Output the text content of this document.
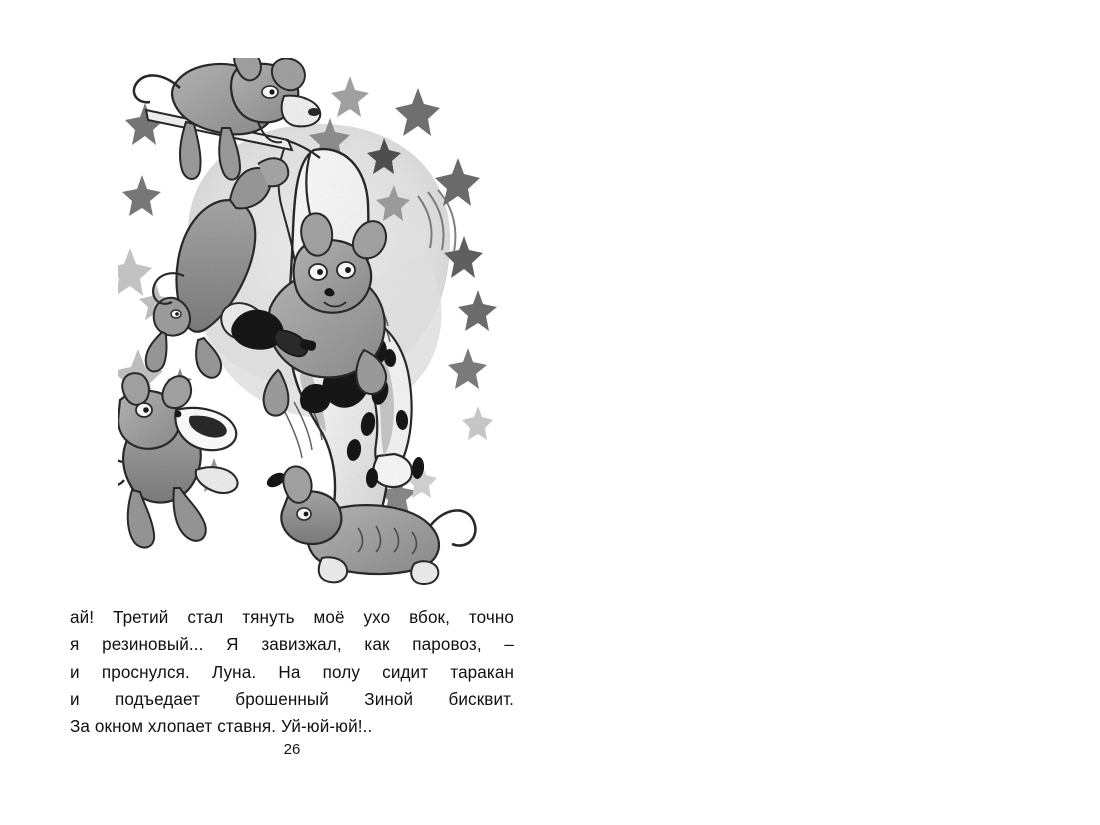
ай! Третий стал тянуть моё ухо вбок, точно
я резиновый... Я завизжал, как паровоз, –
и проснулся. Луна. На полу сидит таракан
и подъедает брошенный Зиной бисквит.
За окном хлопает ставня. Уй-юй-юй!..

26
